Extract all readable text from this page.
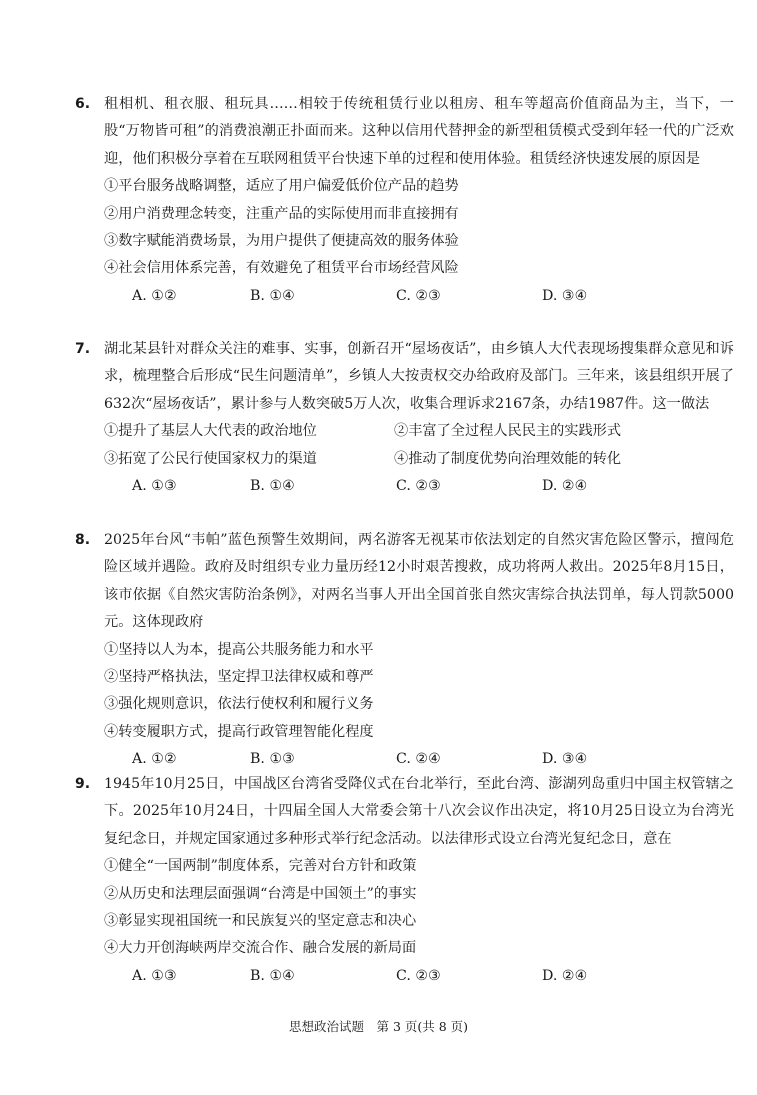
6. 租相机、租衣服、租玩具……相较于传统租赁行业以租房、租车等超高价值商品为主，当下，一股“万物皆可租”的消费浪潮正扑面而来。这种以信用代替押金的新型租赁模式受到年轻一代的广泛欢迎，他们积极分享着在互联网租赁平台快速下单的过程和使用体验。租赁经济快速发展的原因是

①平台服务战略调整，适应了用户偏爱低价位产品的趋势

②用户消费理念转变，注重产品的实际使用而非直接拥有

③数字赋能消费场景，为用户提供了便捷高效的服务体验

④社会信用体系完善，有效避免了租赁平台市场经营风险

A. ①②	B. ①④	C. ②③	D. ③④
7. 湖北某县针对群众关注的难事、实事，创新召开“屋场夜话”，由乡镇人大代表现场搜集群众意见和诉求，梳理整合后形成“民生问题清单”，乡镇人大按责权交办给政府及部门。三年来，该县组织开展了632次“屋场夜话”，累计参与人数突破5万人次，收集合理诉求2167条，办结1987件。这一做法

①提升了基层人大代表的政治地位	②丰富了全过程人民民主的实践形式

③拓宽了公民行使国家权力的渠道	④推动了制度优势向治理效能的转化

A. ①③	B. ①④	C. ②③	D. ②④
8. 2025年台风“韦帕”蓝色预警生效期间，两名游客无视某市依法划定的自然灾害危险区警示，擅闯危险区域并遇险。政府及时组织专业力量历经12小时艰苦搜救，成功将两人救出。2025年8月15日，该市依据《自然灾害防治条例》，对两名当事人开出全国首张自然灾害综合执法罚单，每人罚款5000元。这体现政府

①坚持以人为本，提高公共服务能力和水平

②坚持严格执法，坚定捍卫法律权威和尊严

③强化规则意识，依法行使权利和履行义务

④转变履职方式，提高行政管理智能化程度

A. ①②	B. ①③	C. ②④	D. ③④
9. 1945年10月25日，中国战区台湾省受降仪式在台北举行，至此台湾、澎湖列岛重归中国主权管辖之下。2025年10月24日，十四届全国人大常委会第十八次会议作出决定，将10月25日设立为台湾光复纪念日，并规定国家通过多种形式举行纪念活动。以法律形式设立台湾光复纪念日，意在

①健全“一国两制”制度体系，完善对台方针和政策

②从历史和法理层面强调“台湾是中国领土”的事实

③彰显实现祖国统一和民族复兴的坚定意志和决心

④大力开创海峡两岸交流合作、融合发展的新局面

A. ①③	B. ①④	C. ②③	D. ②④
思想政治试题　第 3 页(共 8 页)
